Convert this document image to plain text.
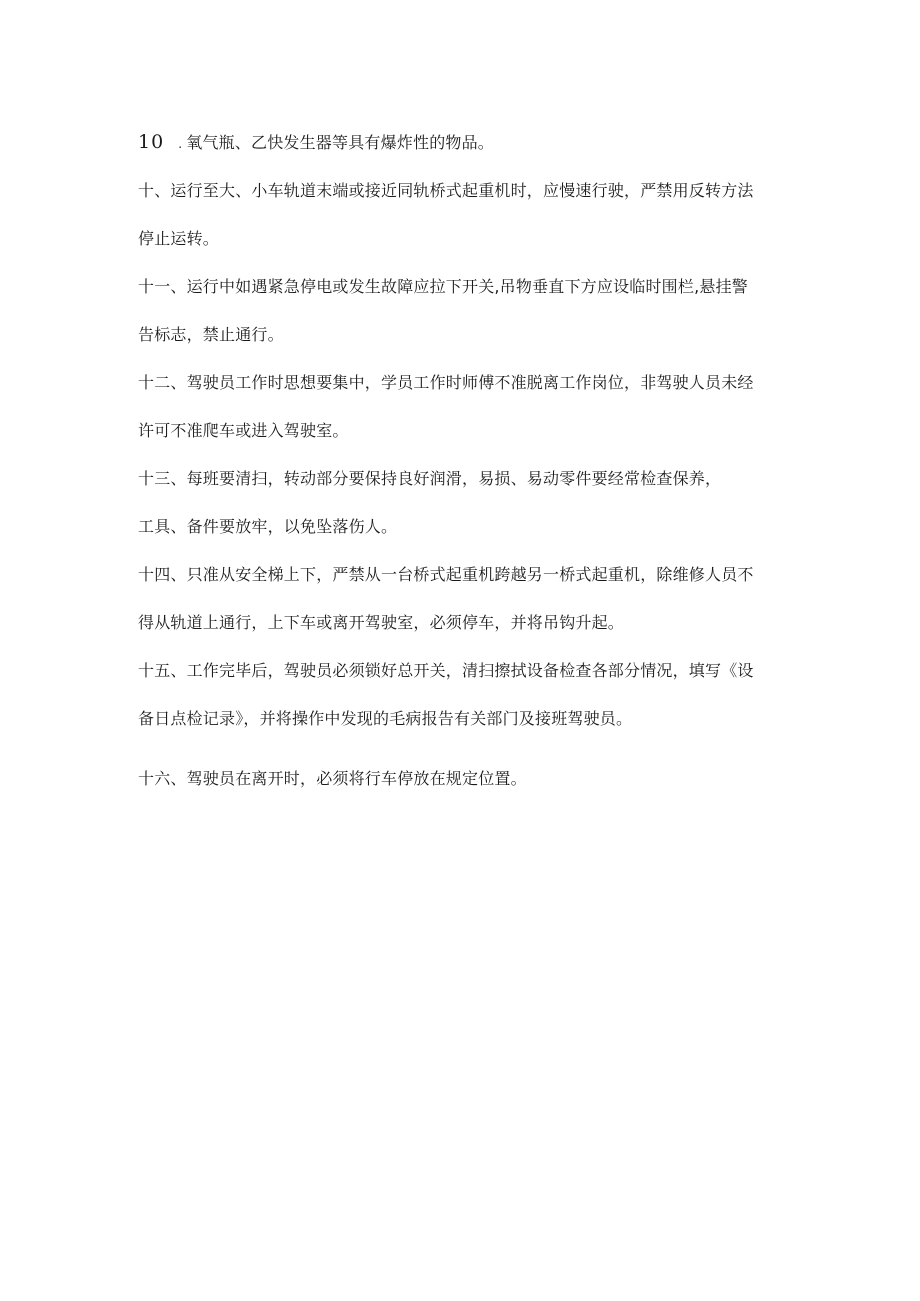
10 . 氧气瓶、乙快发生器等具有爆炸性的物品。
十、运行至大、小车轨道末端或接近同轨桥式起重机时，应慢速行驶，严禁用反转方法
停止运转。
十一、运行中如遇紧急停电或发生故障应拉下开关,吊物垂直下方应设临时围栏,悬挂警
告标志，禁止通行。
十二、驾驶员工作时思想要集中，学员工作时师傅不准脱离工作岗位，非驾驶人员未经
许可不准爬车或进入驾驶室。
十三、每班要清扫，转动部分要保持良好润滑，易损、易动零件要经常检查保养，
工具、备件要放牢，以免坠落伤人。
十四、只准从安全梯上下，严禁从一台桥式起重机跨越另一桥式起重机，除维修人员不
得从轨道上通行，上下车或离开驾驶室，必须停车，并将吊钩升起。
十五、工作完毕后，驾驶员必须锁好总开关，清扫擦拭设备检查各部分情况，填写《设
备日点检记录》，并将操作中发现的毛病报告有关部门及接班驾驶员。
十六、驾驶员在离开时，必须将行车停放在规定位置。
